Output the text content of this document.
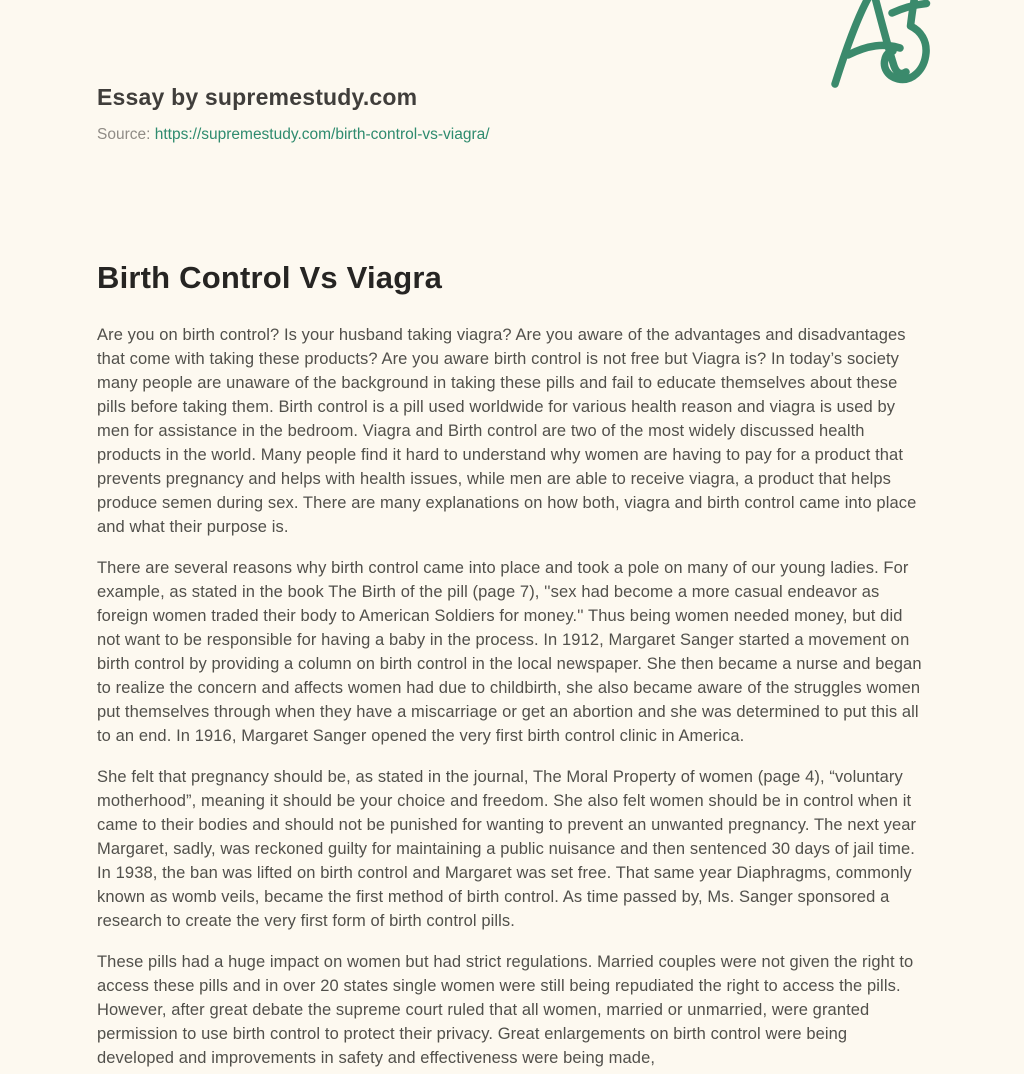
Essay by supremestudy.com

Source: https://supremestudy.com/birth-control-vs-viagra/

Birth Control Vs Viagra

Are you on birth control? Is your husband taking viagra? Are you aware of the advantages and disadvantages that come with taking these products? Are you aware birth control is not free but Viagra is? In today’s society many people are unaware of the background in taking these pills and fail to educate themselves about these pills before taking them. Birth control is a pill used worldwide for various health reason and viagra is used by men for assistance in the bedroom. Viagra and Birth control are two of the most widely discussed health products in the world. Many people find it hard to understand why women are having to pay for a product that prevents pregnancy and helps with health issues, while men are able to receive viagra, a product that helps produce semen during sex. There are many explanations on how both, viagra and birth control came into place and what their purpose is.

There are several reasons why birth control came into place and took a pole on many of our young ladies. For example, as stated in the book The Birth of the pill (page 7), ''sex had become a more casual endeavor as foreign women traded their body to American Soldiers for money.'' Thus being women needed money, but did not want to be responsible for having a baby in the process. In 1912, Margaret Sanger started a movement on birth control by providing a column on birth control in the local newspaper. She then became a nurse and began to realize the concern and affects women had due to childbirth, she also became aware of the struggles women put themselves through when they have a miscarriage or get an abortion and she was determined to put this all to an end. In 1916, Margaret Sanger opened the very first birth control clinic in America.

She felt that pregnancy should be, as stated in the journal, The Moral Property of women (page 4), “voluntary motherhood”, meaning it should be your choice and freedom. She also felt women should be in control when it came to their bodies and should not be punished for wanting to prevent an unwanted pregnancy. The next year Margaret, sadly, was reckoned guilty for maintaining a public nuisance and then sentenced 30 days of jail time. In 1938, the ban was lifted on birth control and Margaret was set free. That same year Diaphragms, commonly known as womb veils, became the first method of birth control. As time passed by, Ms. Sanger sponsored a research to create the very first form of birth control pills.

These pills had a huge impact on women but had strict regulations. Married couples were not given the right to access these pills and in over 20 states single women were still being repudiated the right to access the pills. However, after great debate the supreme court ruled that all women, married or unmarried, were granted permission to use birth control to protect their privacy. Great enlargements on birth control were being developed and improvements in safety and effectiveness were being made,
